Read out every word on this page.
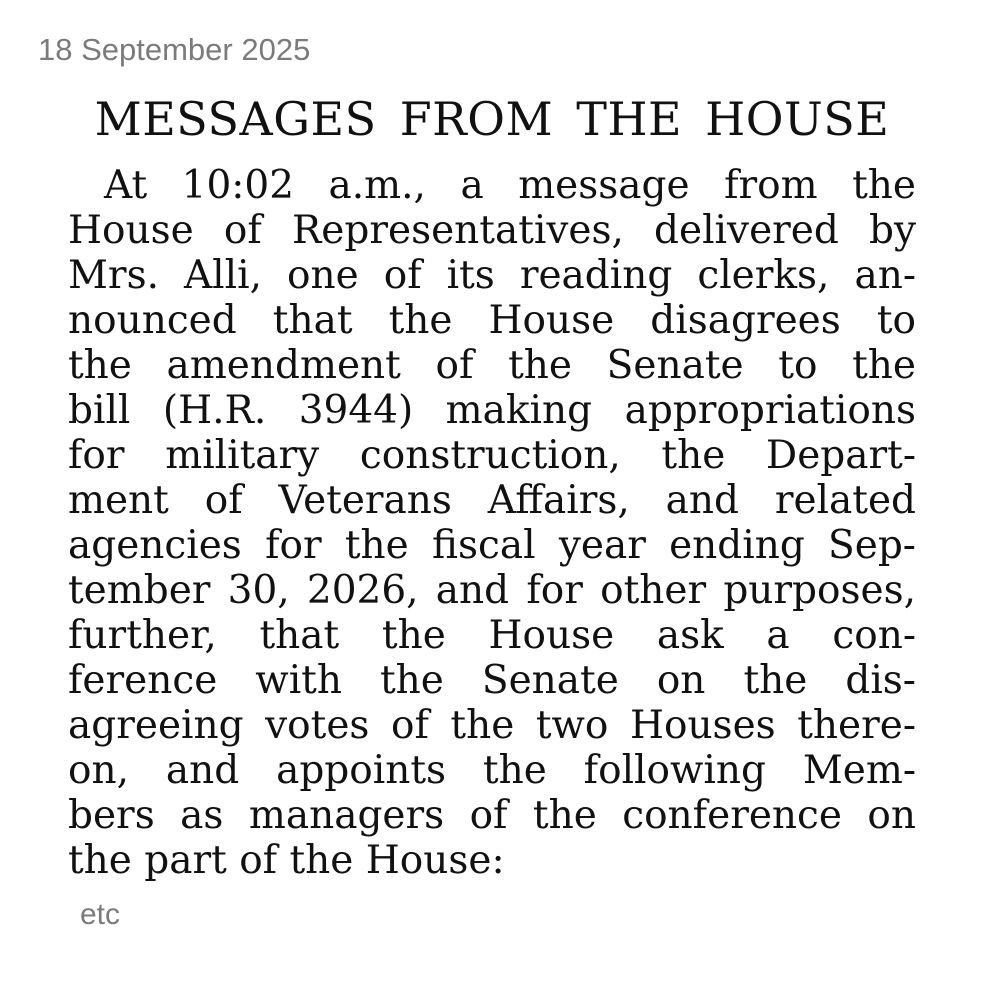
18 September 2025
MESSAGES FROM THE HOUSE
At 10:02 a.m., a message from the
House of Representatives, delivered by
Mrs. Alli, one of its reading clerks, an-
nounced that the House disagrees to
the amendment of the Senate to the
bill (H.R. 3944) making appropriations
for military construction, the Depart-
ment of Veterans Affairs, and related
agencies for the fiscal year ending Sep-
tember 30, 2026, and for other purposes,
further, that the House ask a con-
ference with the Senate on the dis-
agreeing votes of the two Houses there-
on, and appoints the following Mem-
bers as managers of the conference on
the part of the House:
etc
